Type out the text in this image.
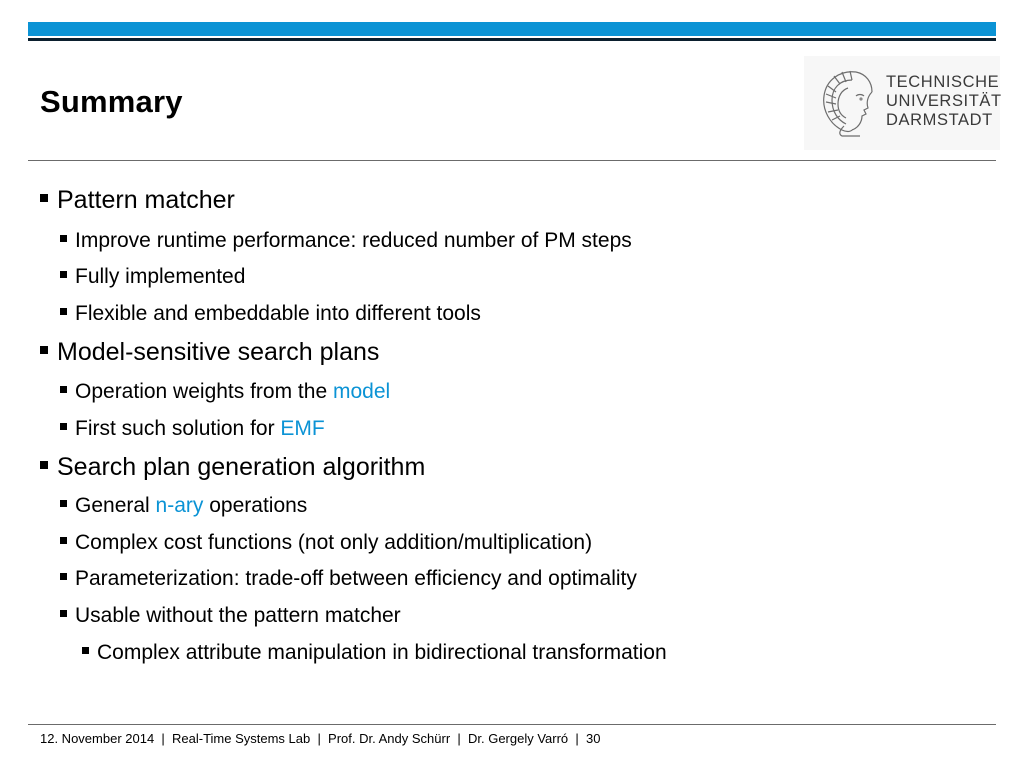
Summary
TECHNISCHE
UNIVERSITÄT
DARMSTADT
Pattern matcher
Improve runtime performance: reduced number of PM steps
Fully implemented
Flexible and embeddable into different tools
Model-sensitive search plans
Operation weights from the model
First such solution for EMF
Search plan generation algorithm
General n-ary operations
Complex cost functions (not only addition/multiplication)
Parameterization: trade-off between efficiency and optimality
Usable without the pattern matcher
Complex attribute manipulation in bidirectional transformation
12. November 2014  |  Real-Time Systems Lab  |  Prof. Dr. Andy Schürr  |  Dr. Gergely Varró  |  30
